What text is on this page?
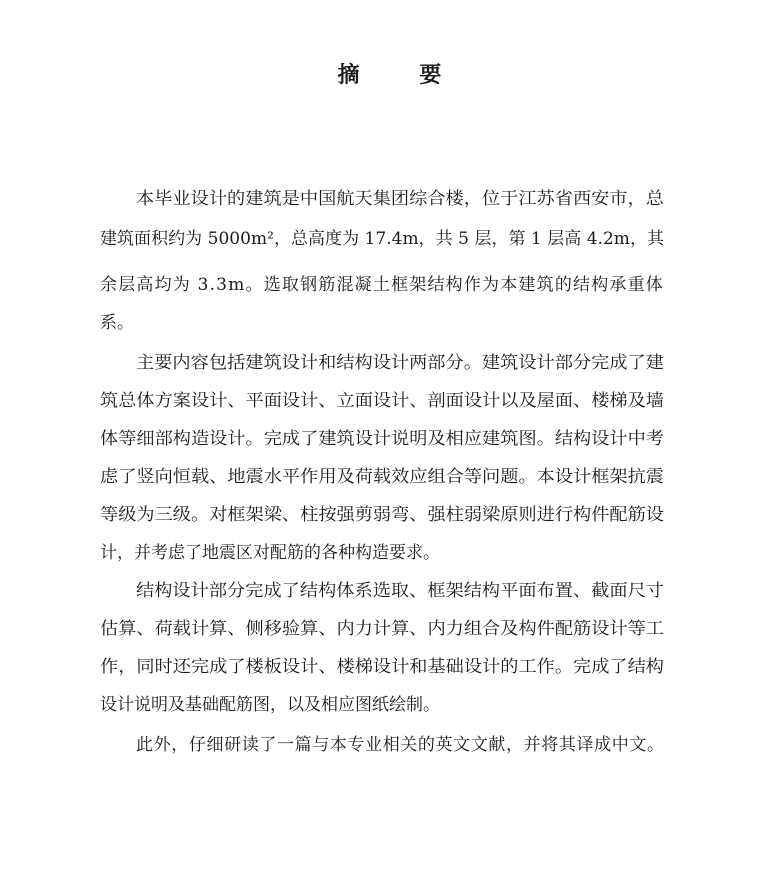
摘 要
本毕业设计的建筑是中国航天集团综合楼，位于江苏省西安市，总
建筑面积约为 5000m²，总高度为 17.4m，共 5 层，第 1 层高 4.2m，其
余层高均为 3.3m。选取钢筋混凝土框架结构作为本建筑的结构承重体
系。
主要内容包括建筑设计和结构设计两部分。建筑设计部分完成了建
筑总体方案设计、平面设计、立面设计、剖面设计以及屋面、楼梯及墙
体等细部构造设计。完成了建筑设计说明及相应建筑图。结构设计中考
虑了竖向恒载、地震水平作用及荷载效应组合等问题。本设计框架抗震
等级为三级。对框架梁、柱按强剪弱弯、强柱弱梁原则进行构件配筋设
计，并考虑了地震区对配筋的各种构造要求。
结构设计部分完成了结构体系选取、框架结构平面布置、截面尺寸
估算、荷载计算、侧移验算、内力计算、内力组合及构件配筋设计等工
作，同时还完成了楼板设计、楼梯设计和基础设计的工作。完成了结构
设计说明及基础配筋图，以及相应图纸绘制。
此外，仔细研读了一篇与本专业相关的英文文献，并将其译成中文。
